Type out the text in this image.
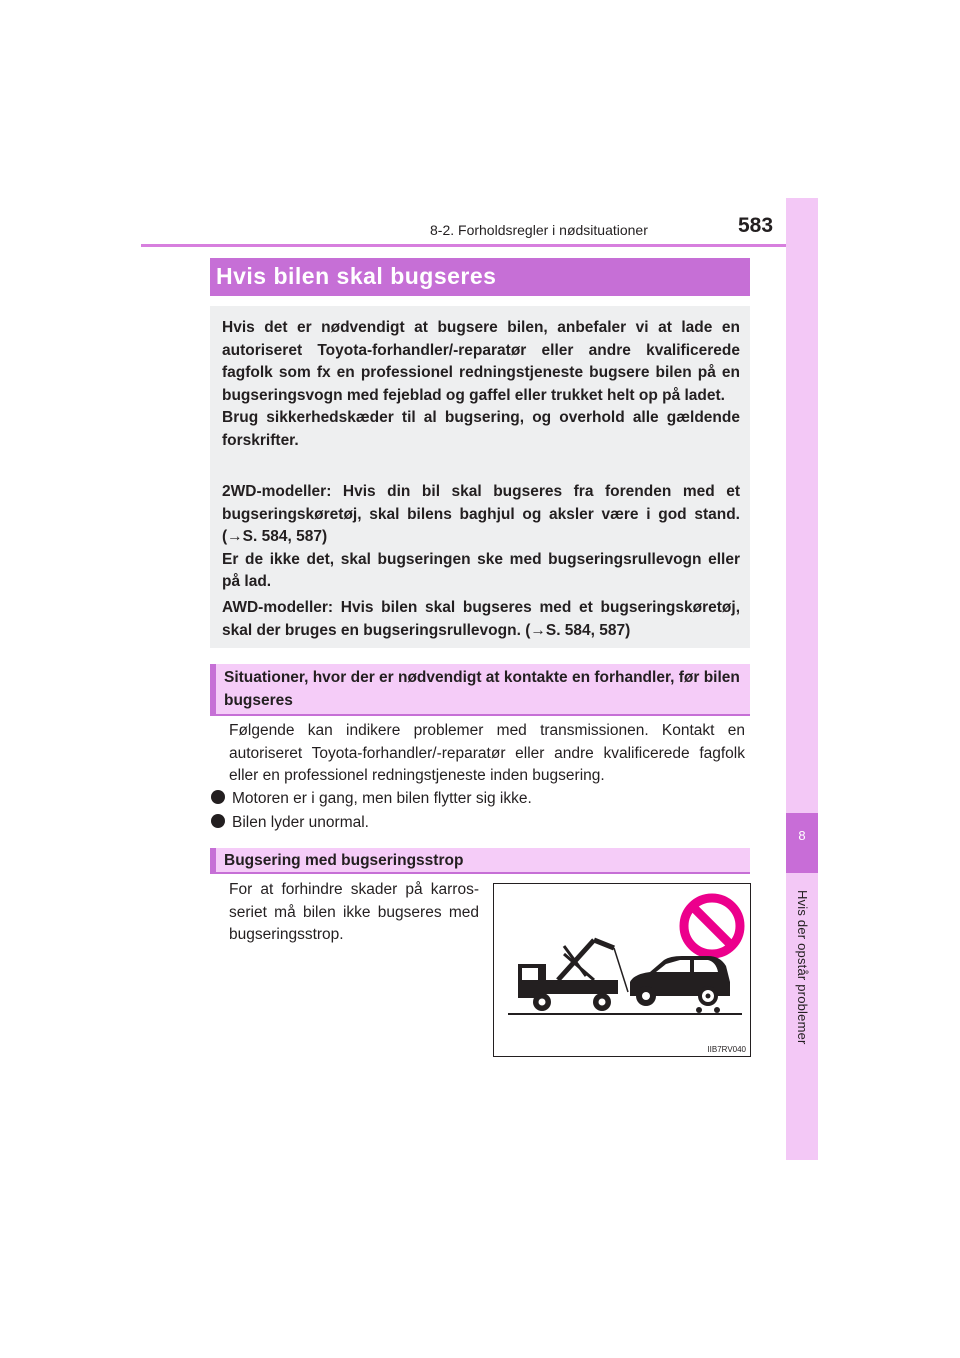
8-2. Forholdsregler i nødsituationer	583
8
Hvis der opstår problemer
Hvis bilen skal bugseres
Hvis det er nødvendigt at bugsere bilen, anbefaler vi at lade en autoriseret Toyota-forhandler/-reparatør eller andre kvalificerede fagfolk som fx en professionel redningstjeneste bugsere bilen på en bugseringsvogn med fejeblad og gaffel eller trukket helt op på ladet.
Brug sikkerhedskæder til al bugsering, og overhold alle gældende forskrifter.
2WD-modeller: Hvis din bil skal bugseres fra forenden med et bugseringskøretøj, skal bilens baghjul og aksler være i god stand. (→S. 584, 587)
Er de ikke det, skal bugseringen ske med bugseringsrullevogn eller på lad.
AWD-modeller: Hvis bilen skal bugseres med et bugseringskøretøj, skal der bruges en bugseringsrullevogn. (→S. 584, 587)
Situationer, hvor der er nødvendigt at kontakte en forhandler, før bilen bugseres
Følgende kan indikere problemer med transmissionen. Kontakt en autoriseret Toyota-forhandler/-reparatør eller andre kvalificerede fagfolk eller en professionel redningstjeneste inden bugsering.
Motoren er i gang, men bilen flytter sig ikke.
Bilen lyder unormal.
Bugsering med bugseringsstrop
For at forhindre skader på karros-seriet må bilen ikke bugseres med bugseringsstrop.
IIB7RV040
